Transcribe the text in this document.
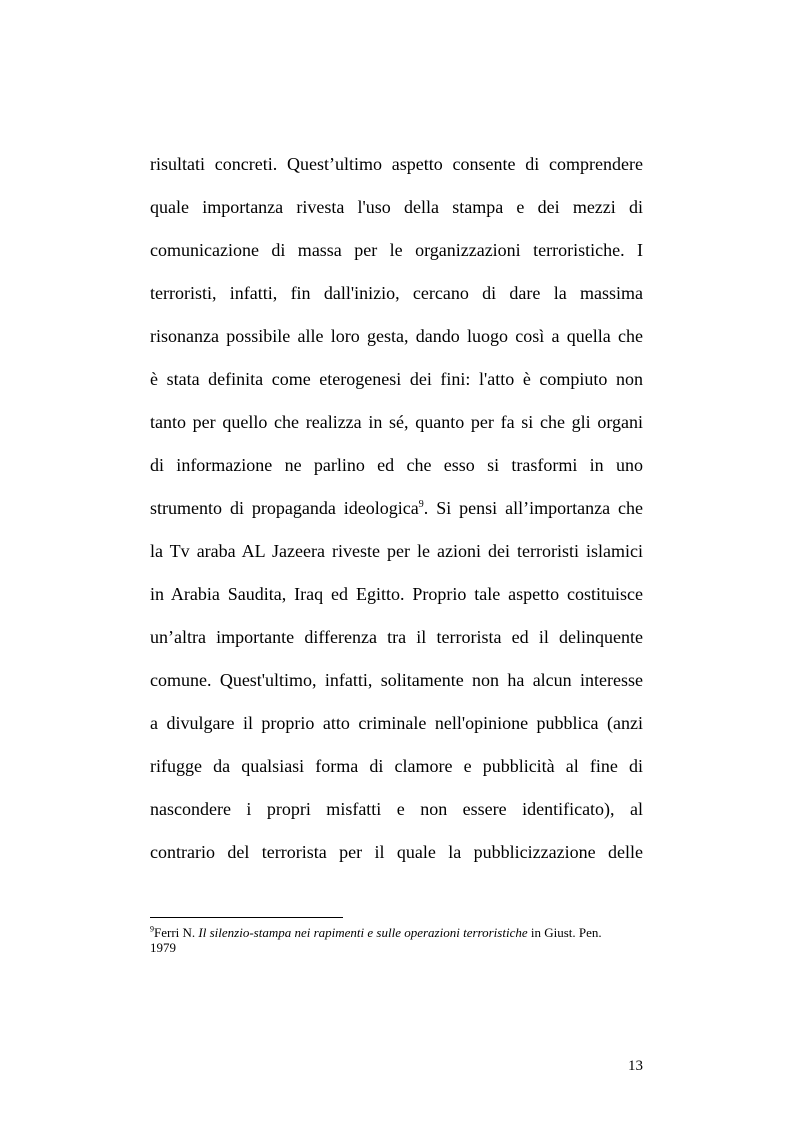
risultati concreti. Quest’ultimo aspetto consente di comprendere
quale importanza rivesta l'uso della stampa e dei mezzi di
comunicazione di massa per le organizzazioni terroristiche. I
terroristi, infatti, fin dall'inizio, cercano di dare la massima
risonanza possibile alle loro gesta, dando luogo così a quella che
è stata definita come eterogenesi dei fini: l'atto è compiuto non
tanto per quello che realizza in sé, quanto per fa si che gli organi
di informazione ne parlino ed che esso si trasformi in uno
strumento di propaganda ideologica$^9$. Si pensi all’importanza che
la Tv araba AL Jazeera riveste per le azioni dei terroristi islamici
in Arabia Saudita, Iraq ed Egitto. Proprio tale aspetto costituisce
un’altra importante differenza tra il terrorista ed il delinquente
comune. Quest'ultimo, infatti, solitamente non ha alcun interesse
a divulgare il proprio atto criminale nell'opinione pubblica (anzi
rifugge da qualsiasi forma di clamore e pubblicità al fine di
nascondere i propri misfatti e non essere identificato), al
contrario del terrorista per il quale la pubblicizzazione delle

$^9$Ferri N. Il silenzio-stampa nei rapimenti e sulle operazioni terroristiche in Giust. Pen.
1979

13
